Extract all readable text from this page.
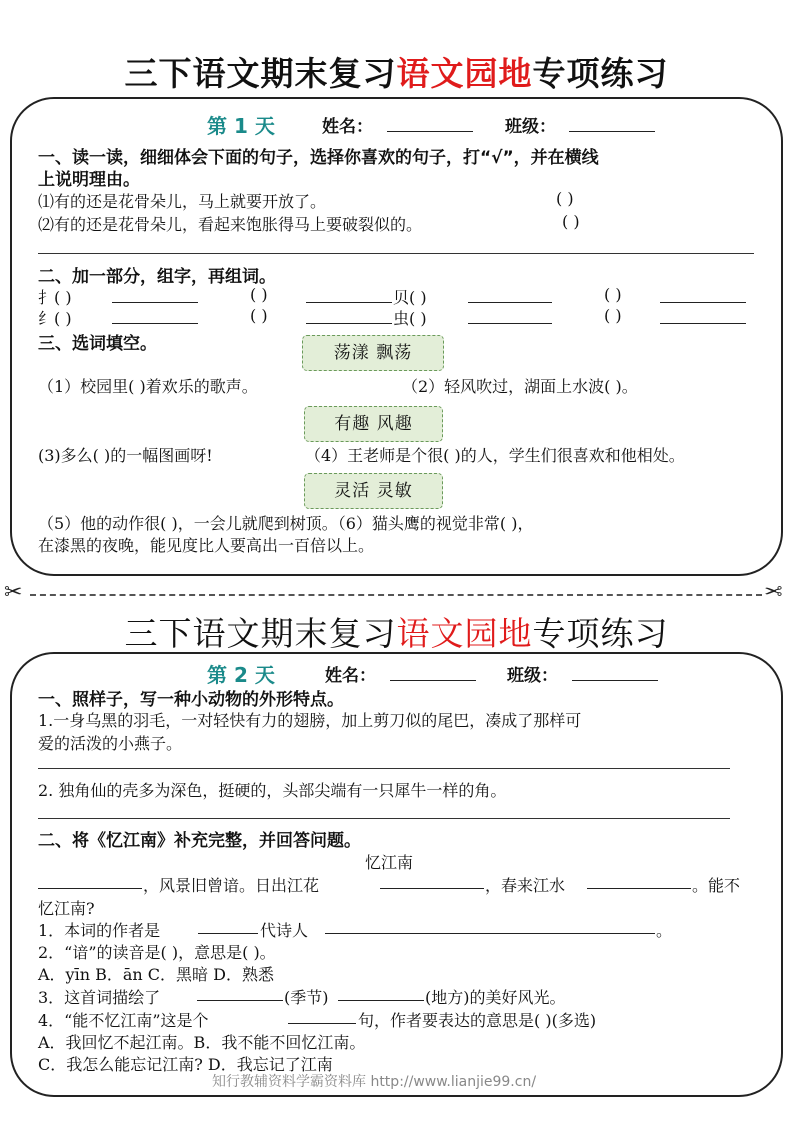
三下语文期末复习语文园地专项练习
第 1 天	姓名：	班级：
一、读一读，细细体会下面的句子，选择你喜欢的句子，打“√”，并在横线
上说明理由。
⑴有的还是花骨朵儿，马上就要开放了。	( )
⑵有的还是花骨朵儿，看起来饱胀得马上要破裂似的。	( )
二、加一部分，组字，再组词。
扌( )	( )	贝( )	( )
纟( )	( )	虫( )	( )
三、选词填空。	荡漾 飘荡
（1）校园里( )着欢乐的歌声。	（2）轻风吹过，湖面上水波( )。
有趣 风趣
(3)多么( )的一幅图画呀!	（4）王老师是个很( )的人，学生们很喜欢和他相处。
灵活 灵敏
（5）他的动作很( )，一会儿就爬到树顶。（6）猫头鹰的视觉非常( )，
在漆黑的夜晚，能见度比人要高出一百倍以上。
✂	✂
三下语文期末复习语文园地专项练习
第 2 天	姓名：	班级：
一、照样子，写一种小动物的外形特点。
1.一身乌黑的羽毛，一对轻快有力的翅膀，加上剪刀似的尾巴，凑成了那样可
爱的活泼的小燕子。
2. 独角仙的壳多为深色，挺硬的，头部尖端有一只犀牛一样的角。
二、将《忆江南》补充完整，并回答问题。
忆江南
，风景旧曾谙。日出江花	，春来江水	。能不
忆江南?
1．本词的作者是	代诗人	。
2．“谙”的读音是( )，意思是( )。
A．yīn B．ān C．黑暗 D．熟悉
3．这首词描绘了	(季节)	(地方)的美好风光。
4．“能不忆江南”这是个	句，作者要表达的意思是( )(多选)
A．我回忆不起江南。B．我不能不回忆江南。
C．我怎么能忘记江南? D．我忘记了江南
知行教辅资料学霸资料库 http://www.lianjie99.cn/
